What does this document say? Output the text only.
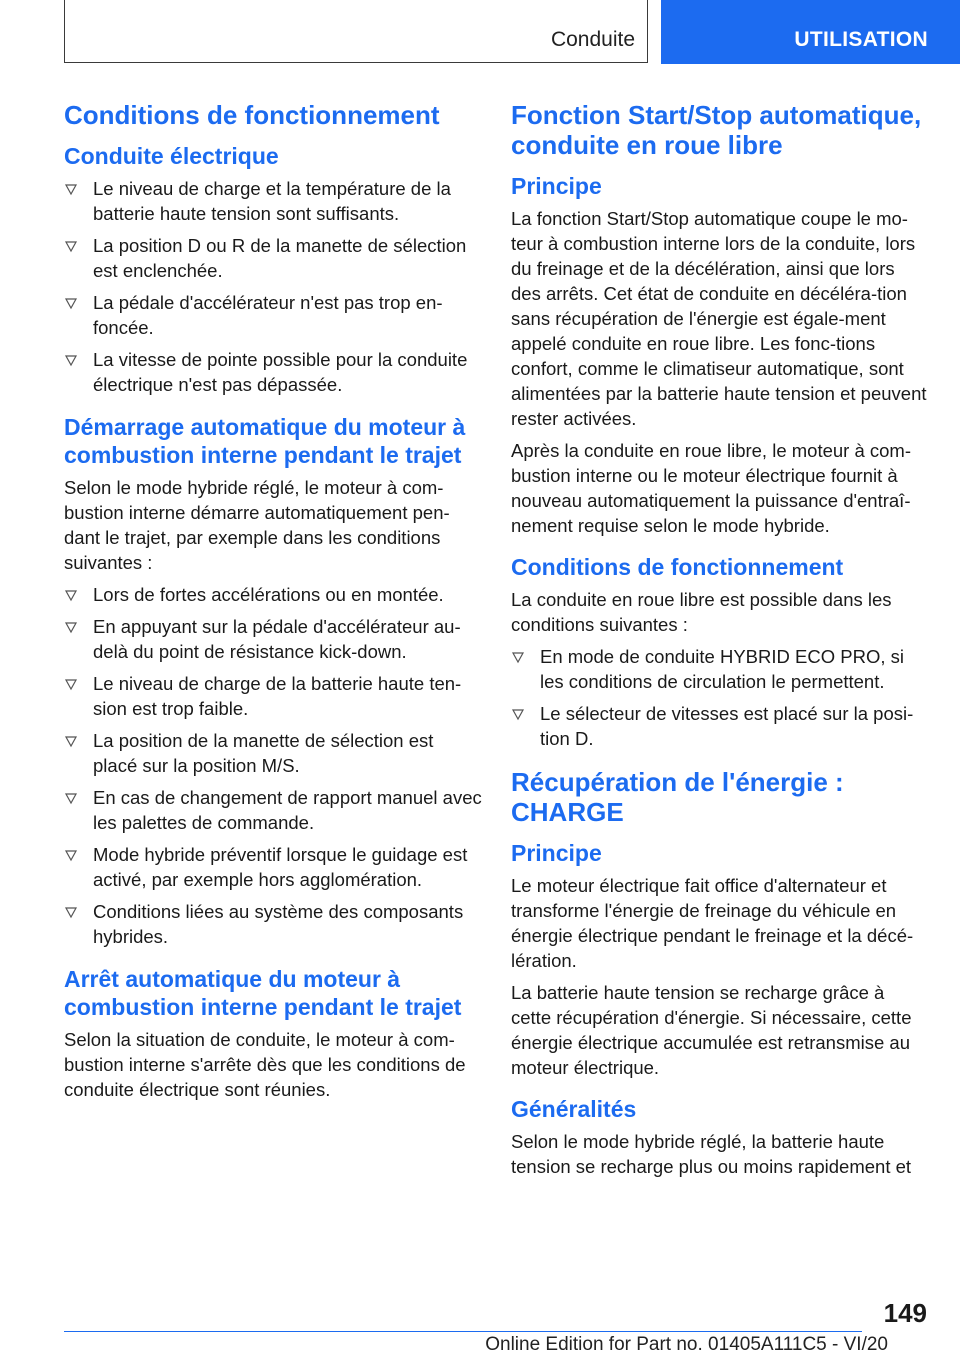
Conduite	UTILISATION
Conditions de fonctionnement
Conduite électrique
Le niveau de charge et la température de la batterie haute tension sont suffisants.
La position D ou R de la manette de sélection est enclenchée.
La pédale d'accélérateur n'est pas trop en-foncée.
La vitesse de pointe possible pour la conduite électrique n'est pas dépassée.
Démarrage automatique du moteur à combustion interne pendant le trajet
Selon le mode hybride réglé, le moteur à com-bustion interne démarre automatiquement pen-dant le trajet, par exemple dans les conditions suivantes :
Lors de fortes accélérations ou en montée.
En appuyant sur la pédale d'accélérateur au-delà du point de résistance kick-down.
Le niveau de charge de la batterie haute ten-sion est trop faible.
La position de la manette de sélection est placé sur la position M/S.
En cas de changement de rapport manuel avec les palettes de commande.
Mode hybride préventif lorsque le guidage est activé, par exemple hors agglomération.
Conditions liées au système des composants hybrides.
Arrêt automatique du moteur à combustion interne pendant le trajet
Selon la situation de conduite, le moteur à com-bustion interne s'arrête dès que les conditions de conduite électrique sont réunies.
Fonction Start/Stop automatique, conduite en roue libre
Principe
La fonction Start/Stop automatique coupe le mo-teur à combustion interne lors de la conduite, lors du freinage et de la décélération, ainsi que lors des arrêts. Cet état de conduite en décéléra-tion sans récupération de l'énergie est égale-ment appelé conduite en roue libre. Les fonc-tions confort, comme le climatiseur automatique, sont alimentées par la batterie haute tension et peuvent rester activées.
Après la conduite en roue libre, le moteur à com-bustion interne ou le moteur électrique fournit à nouveau automatiquement la puissance d'entraî-nement requise selon le mode hybride.
Conditions de fonctionnement
La conduite en roue libre est possible dans les conditions suivantes :
En mode de conduite HYBRID ECO PRO, si les conditions de circulation le permettent.
Le sélecteur de vitesses est placé sur la posi-tion D.
Récupération de l'énergie : CHARGE
Principe
Le moteur électrique fait office d'alternateur et transforme l'énergie de freinage du véhicule en énergie électrique pendant le freinage et la décé-lération.
La batterie haute tension se recharge grâce à cette récupération d'énergie. Si nécessaire, cette énergie électrique accumulée est retransmise au moteur électrique.
Généralités
Selon le mode hybride réglé, la batterie haute tension se recharge plus ou moins rapidement et
149
Online Edition for Part no. 01405A111C5 - VI/20
